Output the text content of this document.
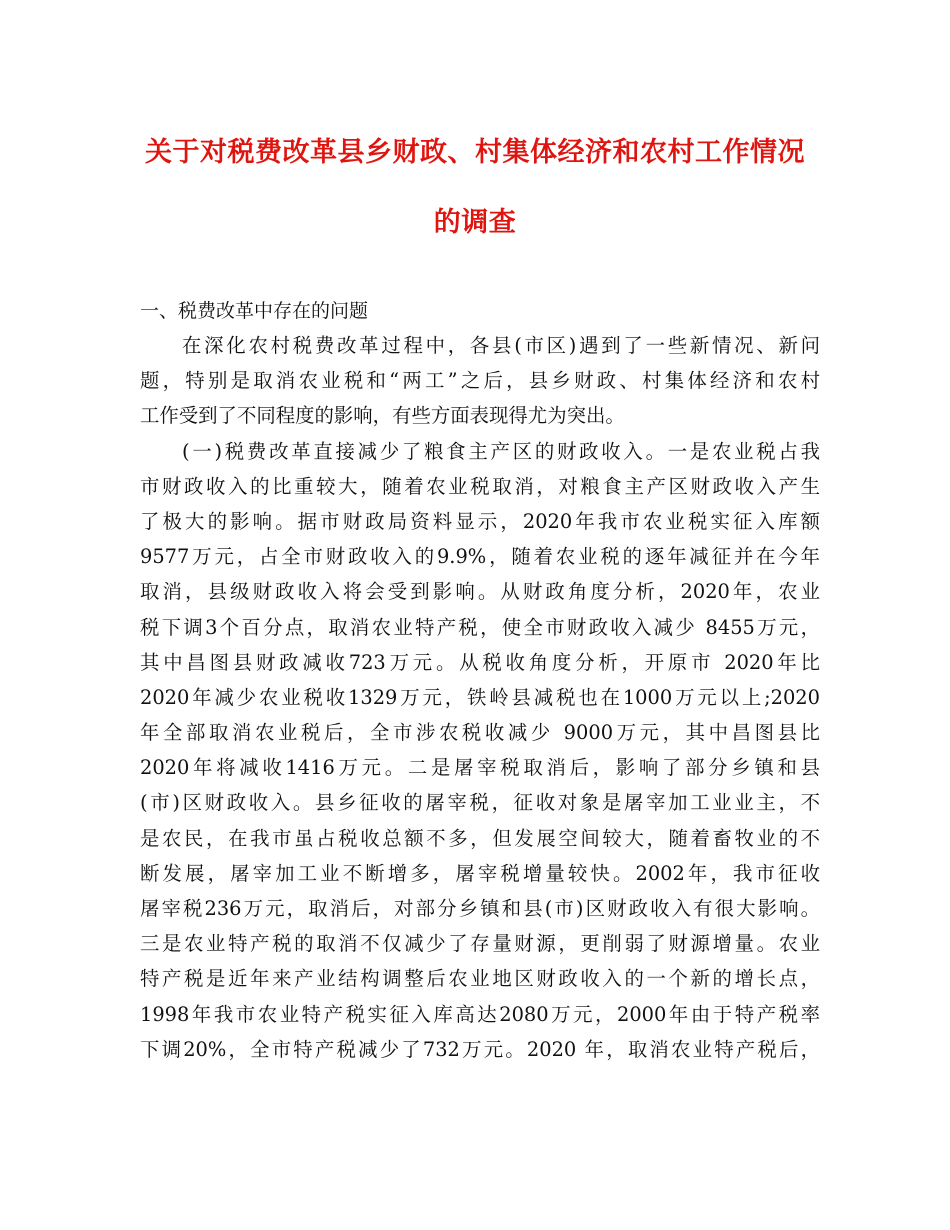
关于对税费改革县乡财政、村集体经济和农村工作情况
的调查

一、税费改革中存在的问题

在深化农村税费改革过程中，各县(市区)遇到了一些新情况、新问
题，特别是取消农业税和“两工”之后，县乡财政、村集体经济和农村
工作受到了不同程度的影响，有些方面表现得尤为突出。
(一)税费改革直接减少了粮食主产区的财政收入。一是农业税占我
市财政收入的比重较大，随着农业税取消，对粮食主产区财政收入产生
了极大的影响。据市财政局资料显示，2020年我市农业税实征入库额
9577万元，占全市财政收入的9.9%，随着农业税的逐年减征并在今年
取消，县级财政收入将会受到影响。从财政角度分析，2020年，农业
税下调3个百分点，取消农业特产税，使全市财政收入减少 8455万元，
其中昌图县财政减收723万元。从税收角度分析，开原市 2020年比
2020年减少农业税收1329万元，铁岭县减税也在1000万元以上;2020
年全部取消农业税后，全市涉农税收减少 9000万元，其中昌图县比
2020年将减收1416万元。二是屠宰税取消后，影响了部分乡镇和县
(市)区财政收入。县乡征收的屠宰税，征收对象是屠宰加工业业主，不
是农民，在我市虽占税收总额不多，但发展空间较大，随着畜牧业的不
断发展，屠宰加工业不断增多，屠宰税增量较快。2002年，我市征收
屠宰税236万元，取消后，对部分乡镇和县(市)区财政收入有很大影响。
三是农业特产税的取消不仅减少了存量财源，更削弱了财源增量。农业
特产税是近年来产业结构调整后农业地区财政收入的一个新的增长点，
1998年我市农业特产税实征入库高达2080万元，2000年由于特产税率
下调20%，全市特产税减少了732万元。2020 年，取消农业特产税后，
